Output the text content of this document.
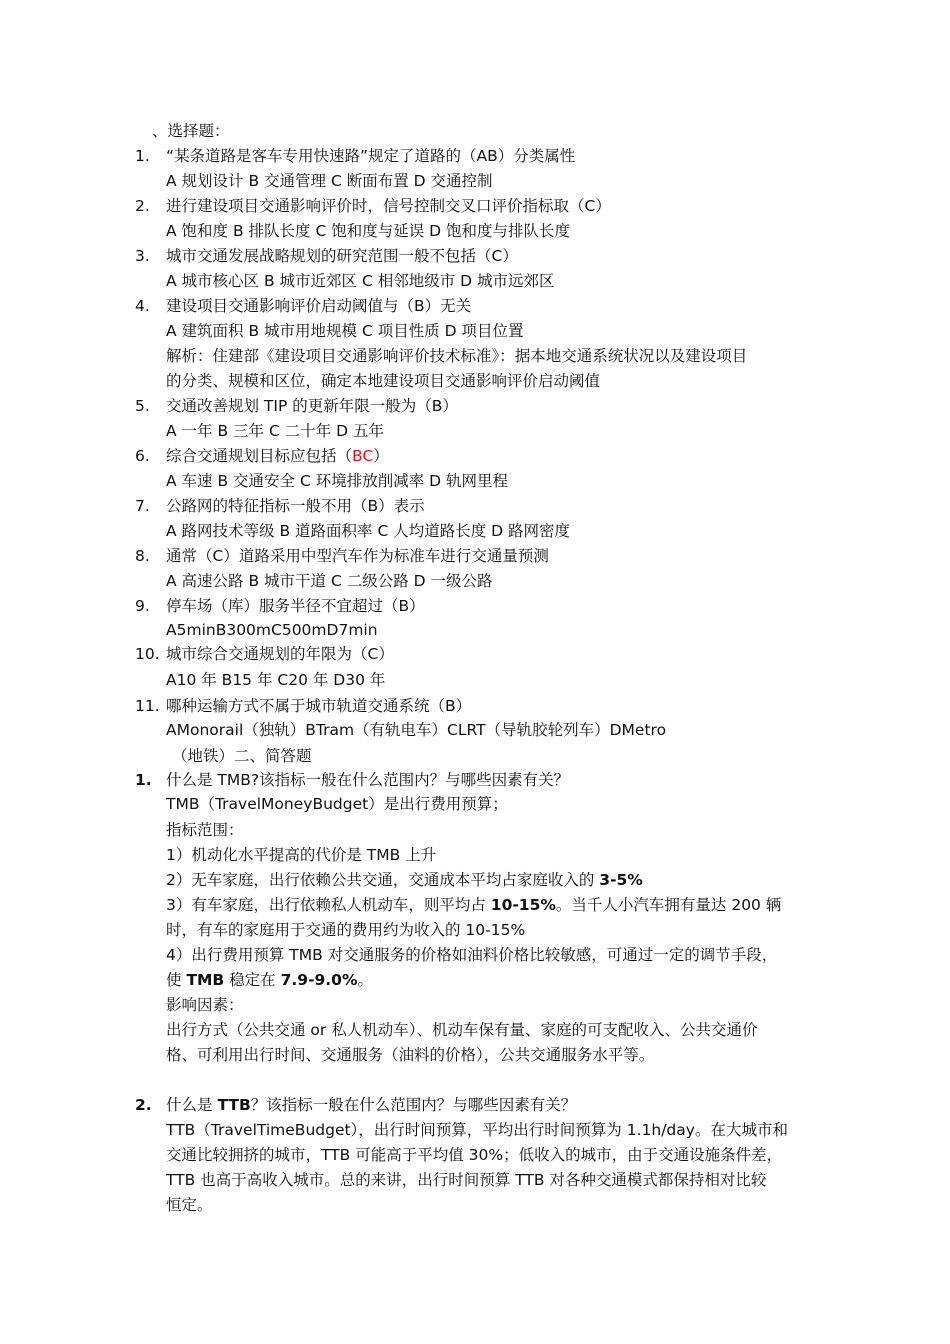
、选择题：
1.	“某条道路是客车专用快速路”规定了道路的（AB）分类属性
A 规划设计 B 交通管理 C 断面布置 D 交通控制
2.	进行建设项目交通影响评价时，信号控制交叉口评价指标取（C）
A 饱和度 B 排队长度 C 饱和度与延误 D 饱和度与排队长度
3.	城市交通发展战略规划的研究范围一般不包括（C）
A 城市核心区 B 城市近郊区 C 相邻地级市 D 城市远郊区
4.	建设项目交通影响评价启动阈值与（B）无关
A 建筑面积 B 城市用地规模 C 项目性质 D 项目位置
解析：住建部《建设项目交通影响评价技术标准》：据本地交通系统状况以及建设项目
的分类、规模和区位，确定本地建设项目交通影响评价启动阈值
5.	交通改善规划 TIP 的更新年限一般为（B）
A 一年 B 三年 C 二十年 D 五年
6.	综合交通规划目标应包括（BC）
A 车速 B 交通安全 C 环境排放削减率 D 轨网里程
7.	公路网的特征指标一般不用（B）表示
A 路网技术等级 B 道路面积率 C 人均道路长度 D 路网密度
8.	通常（C）道路采用中型汽车作为标准车进行交通量预测
A 高速公路 B 城市干道 C 二级公路 D 一级公路
9.	停车场（库）服务半径不宜超过（B）
A5minB300mC500mD7min
10. 城市综合交通规划的年限为（C）
A10 年 B15 年 C20 年 D30 年
11. 哪种运输方式不属于城市轨道交通系统（B）
AMonorail（独轨）BTram（有轨电车）CLRT（导轨胶轮列车）DMetro
（地铁）二、简答题
1. 什么是 TMB?该指标一般在什么范围内？与哪些因素有关？
TMB（TravelMoneyBudget）是出行费用预算；
指标范围：
1）机动化水平提高的代价是 TMB 上升
2）无车家庭，出行依赖公共交通，交通成本平均占家庭收入的 3-5%
3）有车家庭，出行依赖私人机动车，则平均占 10-15%。当千人小汽车拥有量达 200 辆
时，有车的家庭用于交通的费用约为收入的 10-15%
4）出行费用预算 TMB 对交通服务的价格如油料价格比较敏感，可通过一定的调节手段，
使 TMB 稳定在 7.9-9.0%。
影响因素：
出行方式（公共交通 or 私人机动车）、机动车保有量、家庭的可支配收入、公共交通价
格、可利用出行时间、交通服务（油料的价格），公共交通服务水平等。
2. 什么是 TTB？该指标一般在什么范围内？与哪些因素有关？
TTB（TravelTimeBudget），出行时间预算，平均出行时间预算为 1.1h/day。在大城市和
交通比较拥挤的城市，TTB 可能高于平均值 30%；低收入的城市，由于交通设施条件差，
TTB 也高于高收入城市。总的来讲，出行时间预算 TTB 对各种交通模式都保持相对比较
恒定。
